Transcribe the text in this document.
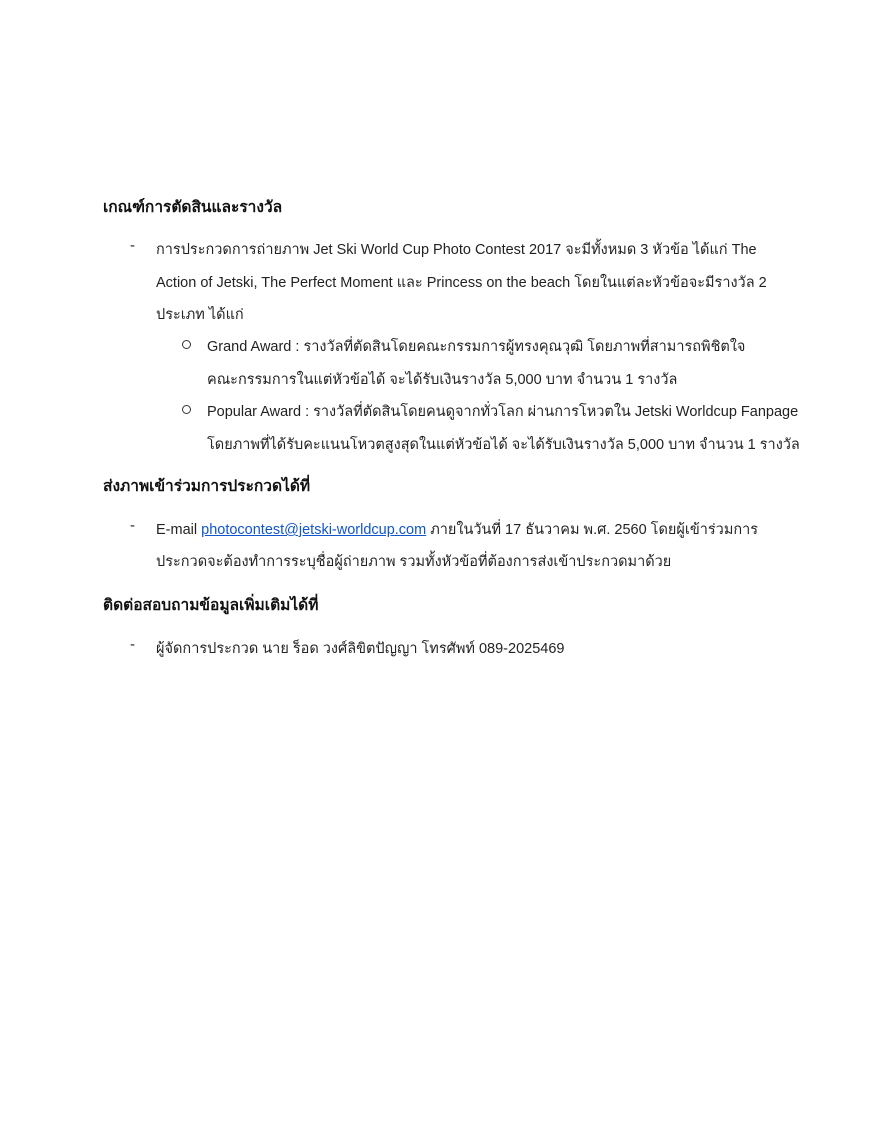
เกณฑ์การตัดสินและรางวัล
- การประกวดการถ่ายภาพ Jet Ski World Cup Photo Contest 2017 จะมีทั้งหมด 3 หัวข้อ ได้แก่ The
Action of Jetski, The Perfect Moment และ Princess on the beach โดยในแต่ละหัวข้อจะมีรางวัล 2
ประเภท ได้แก่
Grand Award : รางวัลที่ตัดสินโดยคณะกรรมการผู้ทรงคุณวุฒิ โดยภาพที่สามารถพิชิตใจ
คณะกรรมการในแต่หัวข้อได้ จะได้รับเงินรางวัล 5,000 บาท จำนวน 1 รางวัล
Popular Award : รางวัลที่ตัดสินโดยคนดูจากทั่วโลก ผ่านการโหวตใน Jetski Worldcup Fanpage
โดยภาพที่ได้รับคะแนนโหวตสูงสุดในแต่หัวข้อได้ จะได้รับเงินรางวัล 5,000 บาท จำนวน 1 รางวัล
ส่งภาพเข้าร่วมการประกวดได้ที่
- E-mail photocontest@jetski-worldcup.com ภายในวันที่ 17 ธันวาคม พ.ศ. 2560 โดยผู้เข้าร่วมการ
ประกวดจะต้องทำการระบุชื่อผู้ถ่ายภาพ รวมทั้งหัวข้อที่ต้องการส่งเข้าประกวดมาด้วย
ติดต่อสอบถามข้อมูลเพิ่มเติมได้ที่
- ผู้จัดการประกวด นาย ร็อด วงศ์ลิขิตปัญญา โทรศัพท์ 089-2025469
